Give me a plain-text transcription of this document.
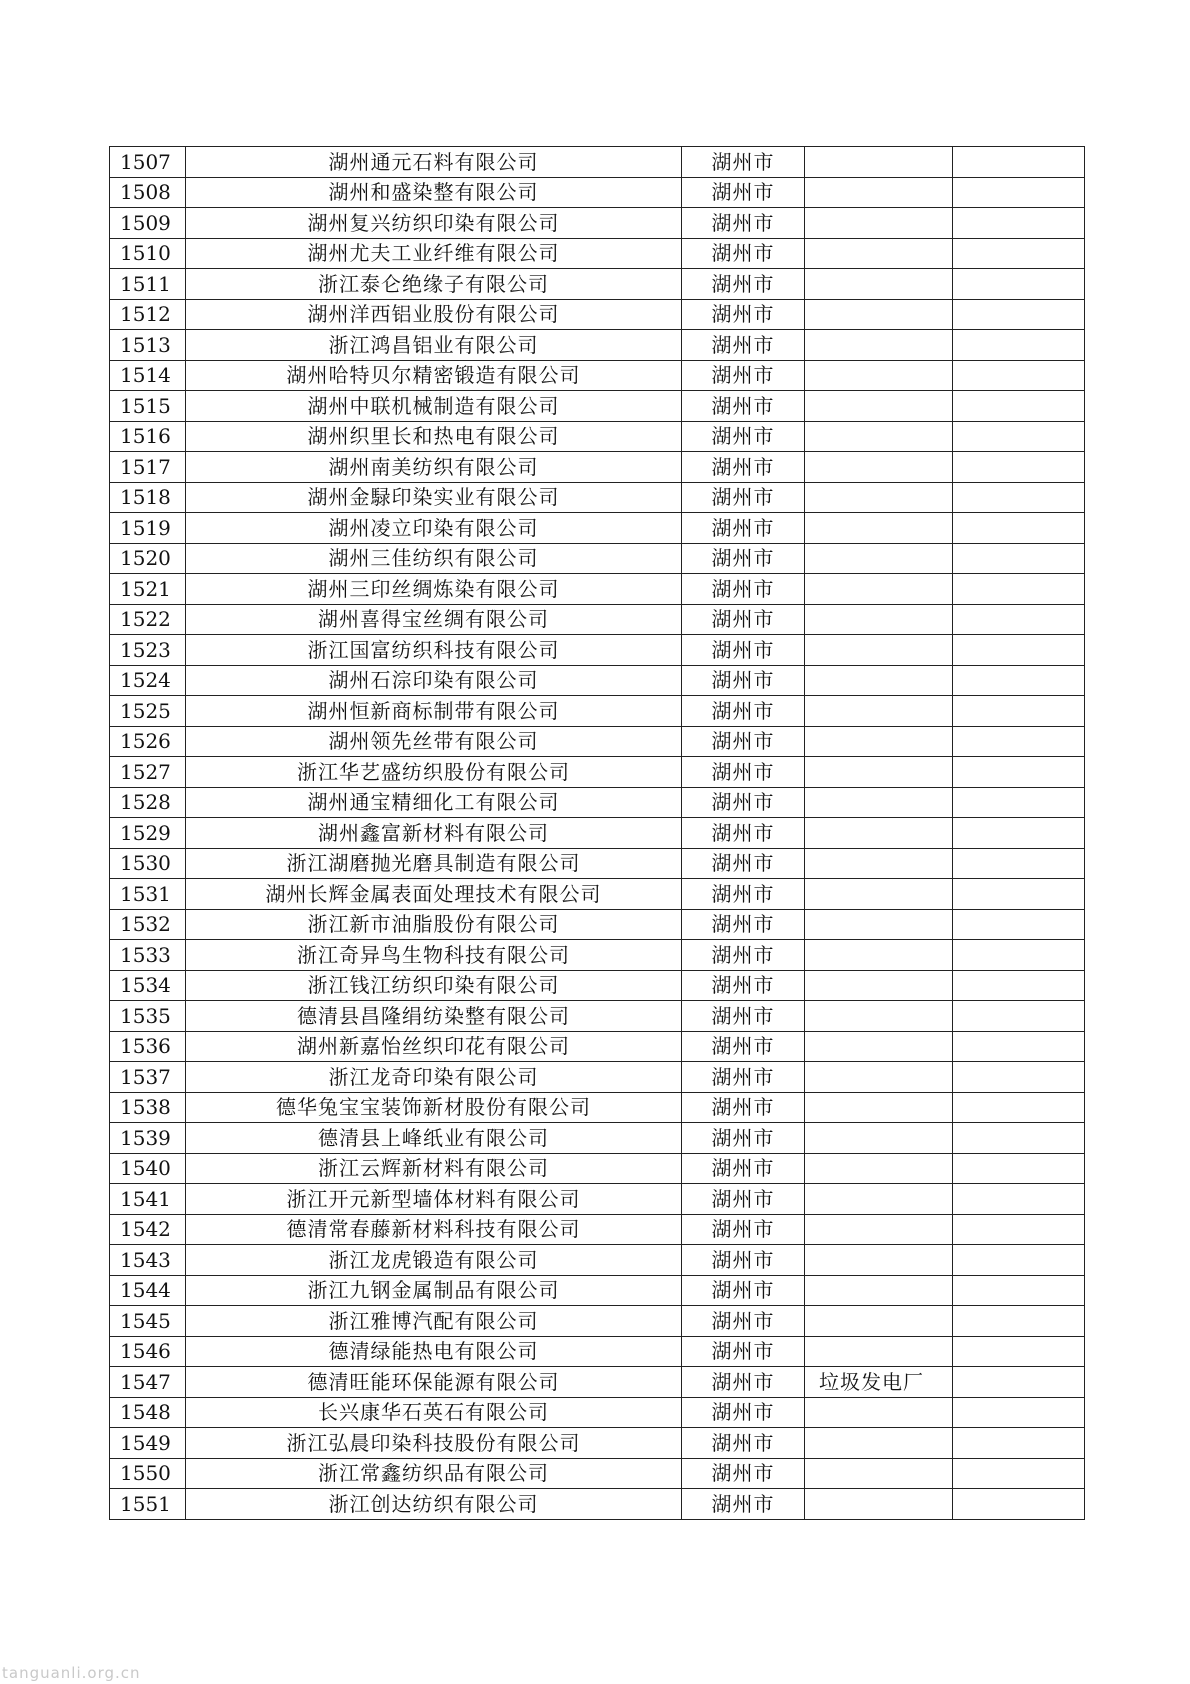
1507	湖州通元石料有限公司	湖州市		
1508	湖州和盛染整有限公司	湖州市		
1509	湖州复兴纺织印染有限公司	湖州市		
1510	湖州尤夫工业纤维有限公司	湖州市		
1511	浙江泰仑绝缘子有限公司	湖州市		
1512	湖州洋西铝业股份有限公司	湖州市		
1513	浙江鸿昌铝业有限公司	湖州市		
1514	湖州哈特贝尔精密锻造有限公司	湖州市		
1515	湖州中联机械制造有限公司	湖州市		
1516	湖州织里长和热电有限公司	湖州市		
1517	湖州南美纺织有限公司	湖州市		
1518	湖州金騄印染实业有限公司	湖州市		
1519	湖州凌立印染有限公司	湖州市		
1520	湖州三佳纺织有限公司	湖州市		
1521	湖州三印丝绸炼染有限公司	湖州市		
1522	湖州喜得宝丝绸有限公司	湖州市		
1523	浙江国富纺织科技有限公司	湖州市		
1524	湖州石淙印染有限公司	湖州市		
1525	湖州恒新商标制带有限公司	湖州市		
1526	湖州领先丝带有限公司	湖州市		
1527	浙江华艺盛纺织股份有限公司	湖州市		
1528	湖州通宝精细化工有限公司	湖州市		
1529	湖州鑫富新材料有限公司	湖州市		
1530	浙江湖磨抛光磨具制造有限公司	湖州市		
1531	湖州长辉金属表面处理技术有限公司	湖州市		
1532	浙江新市油脂股份有限公司	湖州市		
1533	浙江奇异鸟生物科技有限公司	湖州市		
1534	浙江钱江纺织印染有限公司	湖州市		
1535	德清县昌隆绢纺染整有限公司	湖州市		
1536	湖州新嘉怡丝织印花有限公司	湖州市		
1537	浙江龙奇印染有限公司	湖州市		
1538	德华兔宝宝装饰新材股份有限公司	湖州市		
1539	德清县上峰纸业有限公司	湖州市		
1540	浙江云辉新材料有限公司	湖州市		
1541	浙江开元新型墙体材料有限公司	湖州市		
1542	德清常春藤新材料科技有限公司	湖州市		
1543	浙江龙虎锻造有限公司	湖州市		
1544	浙江九钢金属制品有限公司	湖州市		
1545	浙江雅博汽配有限公司	湖州市		
1546	德清绿能热电有限公司	湖州市		
1547	德清旺能环保能源有限公司	湖州市	垃圾发电厂	
1548	长兴康华石英石有限公司	湖州市		
1549	浙江弘晨印染科技股份有限公司	湖州市		
1550	浙江常鑫纺织品有限公司	湖州市		
1551	浙江创达纺织有限公司	湖州市		
tanguanli.org.cn
